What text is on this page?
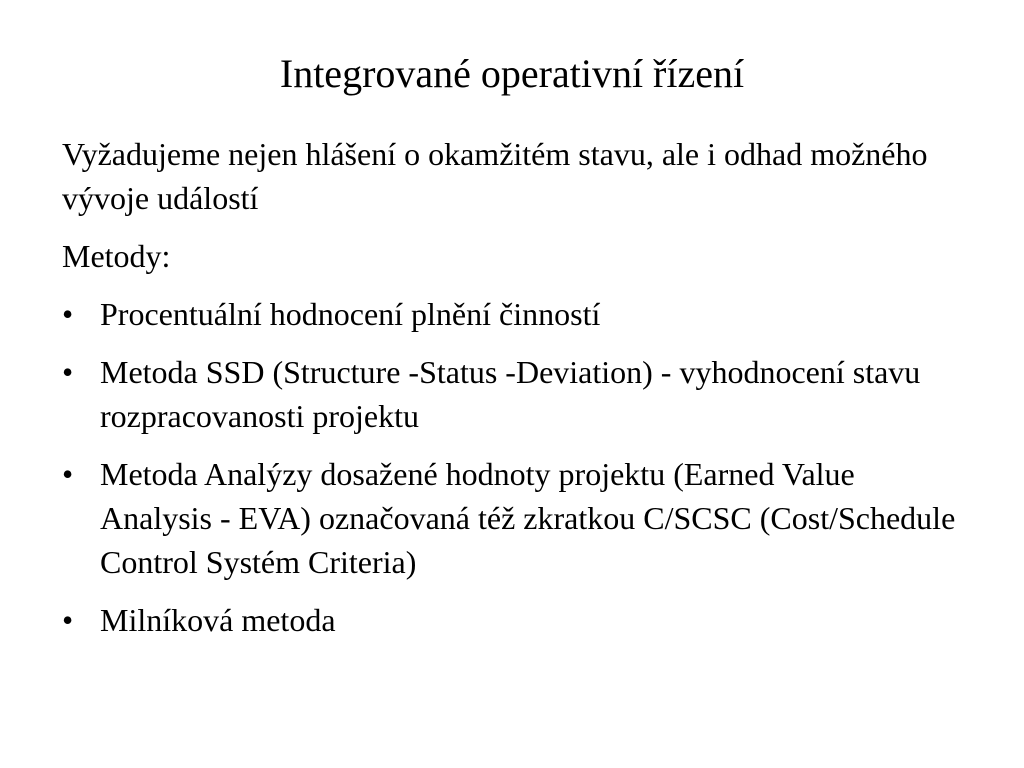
Integrované operativní řízení

Vyžadujeme nejen hlášení o okamžitém stavu, ale i odhad možného vývoje událostí

Metody:

• Procentuální hodnocení plnění činností
• Metoda SSD (Structure -Status -Deviation) - vyhodnocení stavu rozpracovanosti projektu
• Metoda Analýzy dosažené hodnoty projektu (Earned Value Analysis - EVA) označovaná též zkratkou C/SCSC (Cost/Schedule Control Systém Criteria)
• Milníková metoda
